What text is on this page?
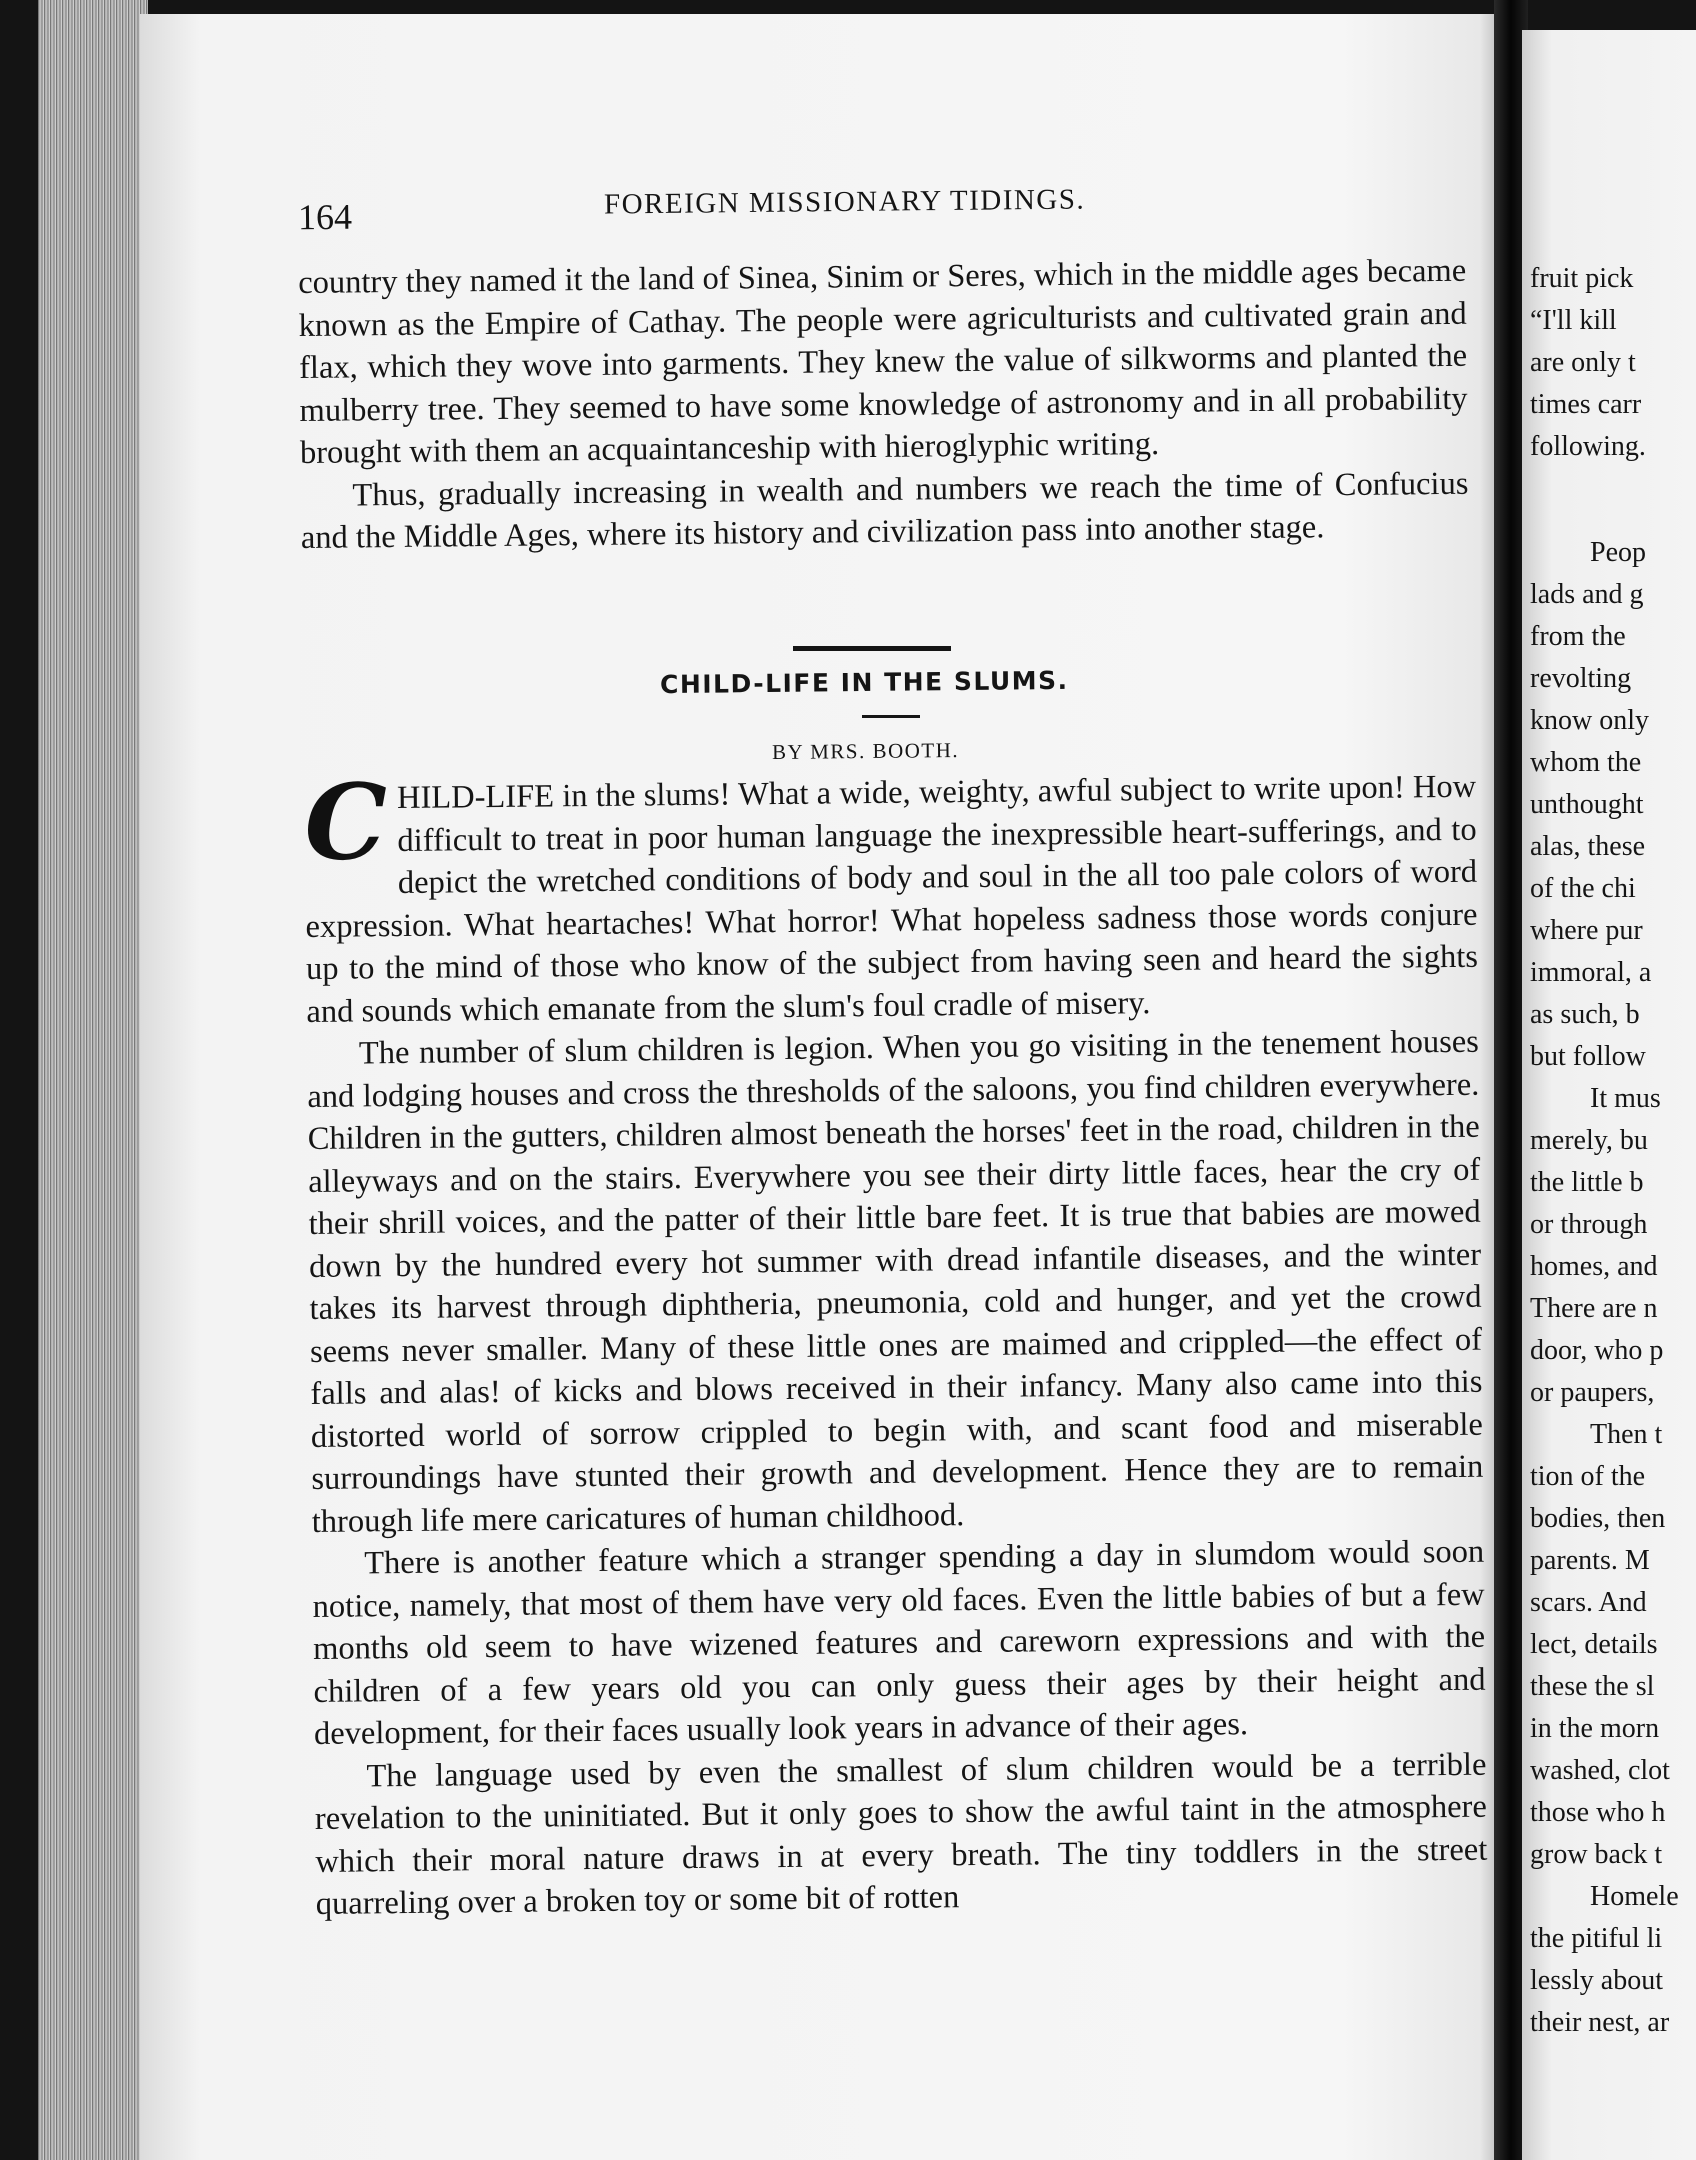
164	FOREIGN MISSIONARY TIDINGS.

country they named it the land of Sinea, Sinim or Seres, which in the middle ages became known as the Empire of Cathay. The people were agriculturists and cultivated grain and flax, which they wove into garments. They knew the value of silkworms and planted the mulberry tree. They seemed to have some knowledge of astronomy and in all probability brought with them an acquaintanceship with hieroglyphic writing.

Thus, gradually increasing in wealth and numbers we reach the time of Confucius and the Middle Ages, where its history and civilization pass into another stage.

CHILD-LIFE IN THE SLUMS.
BY MRS. BOOTH.

C HILD-LIFE in the slums! What a wide, weighty, awful subject to write upon! How difficult to treat in poor human language the inexpressible heart-sufferings, and to depict the wretched conditions of body and soul in the all too pale colors of word expression. What heartaches! What horror! What hopeless sadness those words conjure up to the mind of those who know of the subject from having seen and heard the sights and sounds which emanate from the slum's foul cradle of misery.

The number of slum children is legion. When you go visiting in the tenement houses and lodging houses and cross the thresholds of the saloons, you find children everywhere. Children in the gutters, children almost beneath the horses' feet in the road, children in the alleyways and on the stairs. Everywhere you see their dirty little faces, hear the cry of their shrill voices, and the patter of their little bare feet. It is true that babies are mowed down by the hundred every hot summer with dread infantile diseases, and the winter takes its harvest through diphtheria, pneumonia, cold and hunger, and yet the crowd seems never smaller. Many of these little ones are maimed and crippled—the effect of falls and alas! of kicks and blows received in their infancy. Many also came into this distorted world of sorrow crippled to begin with, and scant food and miserable surroundings have stunted their growth and development. Hence they are to remain through life mere caricatures of human childhood.

There is another feature which a stranger spending a day in slumdom would soon notice, namely, that most of them have very old faces. Even the little babies of but a few months old seem to have wizened features and careworn expressions and with the children of a few years old you can only guess their ages by their height and development, for their faces usually look years in advance of their ages.

The language used by even the smallest of slum children would be a terrible revelation to the uninitiated. But it only goes to show the awful taint in the atmosphere which their moral nature draws in at every breath. The tiny toddlers in the street quarreling over a broken toy or some bit of rotten

fruit pick
“I'll kill
are only t
times carr
following.
Peop
lads and g
from the
revolting
know only
whom the
unthought
alas, these
of the chi
where pur
immoral, a
as such, b
but follow
It mus
merely, bu
the little b
or through
homes, and
There are n
door, who p
or paupers,
Then t
tion of the
bodies, then
parents. M
scars. And
lect, details
these the sl
in the morn
washed, clot
those who h
grow back t
Homele
the pitiful li
lessly about
their nest, ar
